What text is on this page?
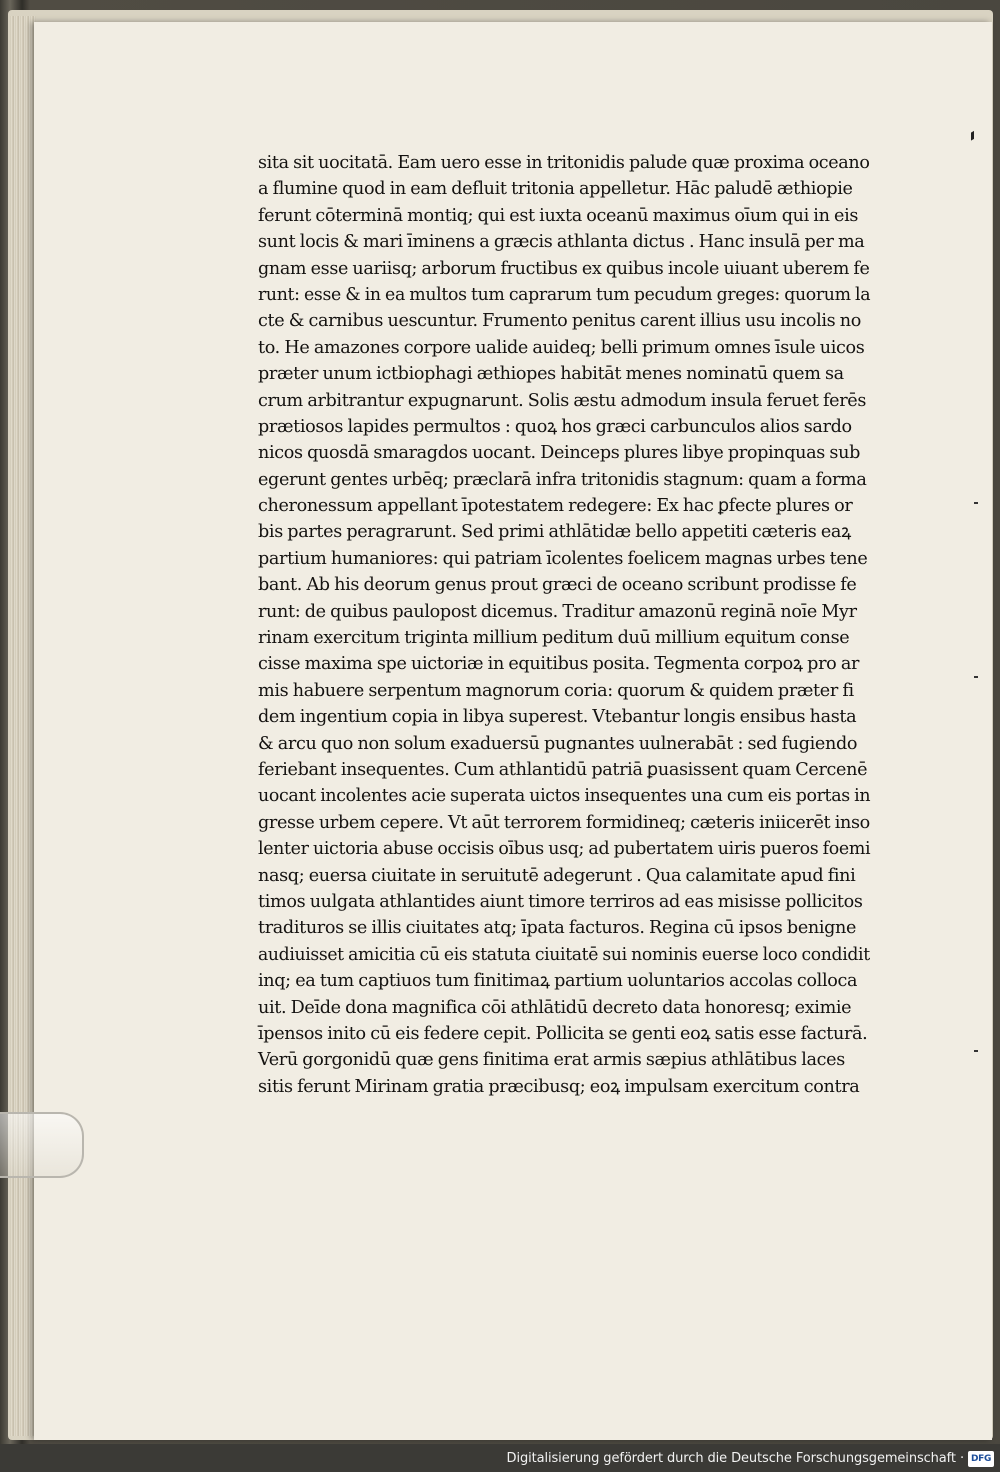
sita sit uocitatā. Eam uero esse in tritonidis palude quæ proxima oceano
a flumine quod in eam defluit tritonia appelletur. Hāc paludē æthiopie
ferunt cōterminā montiq; qui est iuxta oceanū maximus oīum qui in eis
sunt locis & mari īminens a græcis athlanta dictus . Hanc insulā per ma
gnam esse uariisq; arborum fructibus ex quibus incole uiuant uberem fe
runt: esse & in ea multos tum caprarum tum pecudum greges: quorum la
cte & carnibus uescuntur. Frumento penitus carent illius usu incolis no
to. He amazones corpore ualide auideq; belli primum omnes īsule uicos
præter unum ictbiophagi æthiopes habitāt menes nominatū quem sa
crum arbitrantur expugnarunt. Solis æstu admodum insula feruet ferēs
prætiosos lapides permultos : quoꝝ hos græci carbunculos alios sardo
nicos quosdā smaragdos uocant. Deinceps plures libye propinquas sub
egerunt gentes urbēq; præclarā infra tritonidis stagnum: quam a forma
cheronessum appellant īpotestatem redegere: Ex hac ꝑfecte plures or
bis partes peragrarunt. Sed primi athlātidæ bello appetiti cæteris eaꝝ
partium humaniores: qui patriam īcolentes foelicem magnas urbes tene
bant. Ab his deorum genus prout græci de oceano scribunt prodisse fe
runt: de quibus paulopost dicemus. Traditur amazonū reginā noīe Myr
rinam exercitum triginta millium peditum duū millium equitum conse
cisse maxima spe uictoriæ in equitibus posita. Tegmenta corpoꝝ pro ar
mis habuere serpentum magnorum coria: quorum & quidem præter fi
dem ingentium copia in libya superest. Vtebantur longis ensibus hasta
& arcu quo non solum exaduersū pugnantes uulnerabāt : sed fugiendo
feriebant insequentes. Cum athlantidū patriā ꝑuasissent quam Cercenē
uocant incolentes acie superata uictos insequentes una cum eis portas in
gresse urbem cepere. Vt aūt terrorem formidineq; cæteris iniicerēt inso
lenter uictoria abuse occisis oībus usq; ad pubertatem uiris pueros foemi
nasq; euersa ciuitate in seruitutē adegerunt . Qua calamitate apud fini
timos uulgata athlantides aiunt timore terriros ad eas misisse pollicitos
tradituros se illis ciuitates atq; īpata facturos. Regina cū ipsos benigne
audiuisset amicitia cū eis statuta ciuitatē sui nominis euerse loco condidit
inq; ea tum captiuos tum finitimaꝝ partium uoluntarios accolas colloca
uit. Deīde dona magnifica cōi athlātidū decreto data honoresq; eximie
īpensos inito cū eis federe cepit. Pollicita se genti eoꝝ satis esse facturā.
Verū gorgonidū quæ gens finitima erat armis sæpius athlātibus laces
sitis ferunt Mirinam gratia præcibusq; eoꝝ impulsam exercitum contra
Digitalisierung gefördert durch die Deutsche Forschungsgemeinschaft · DFG
